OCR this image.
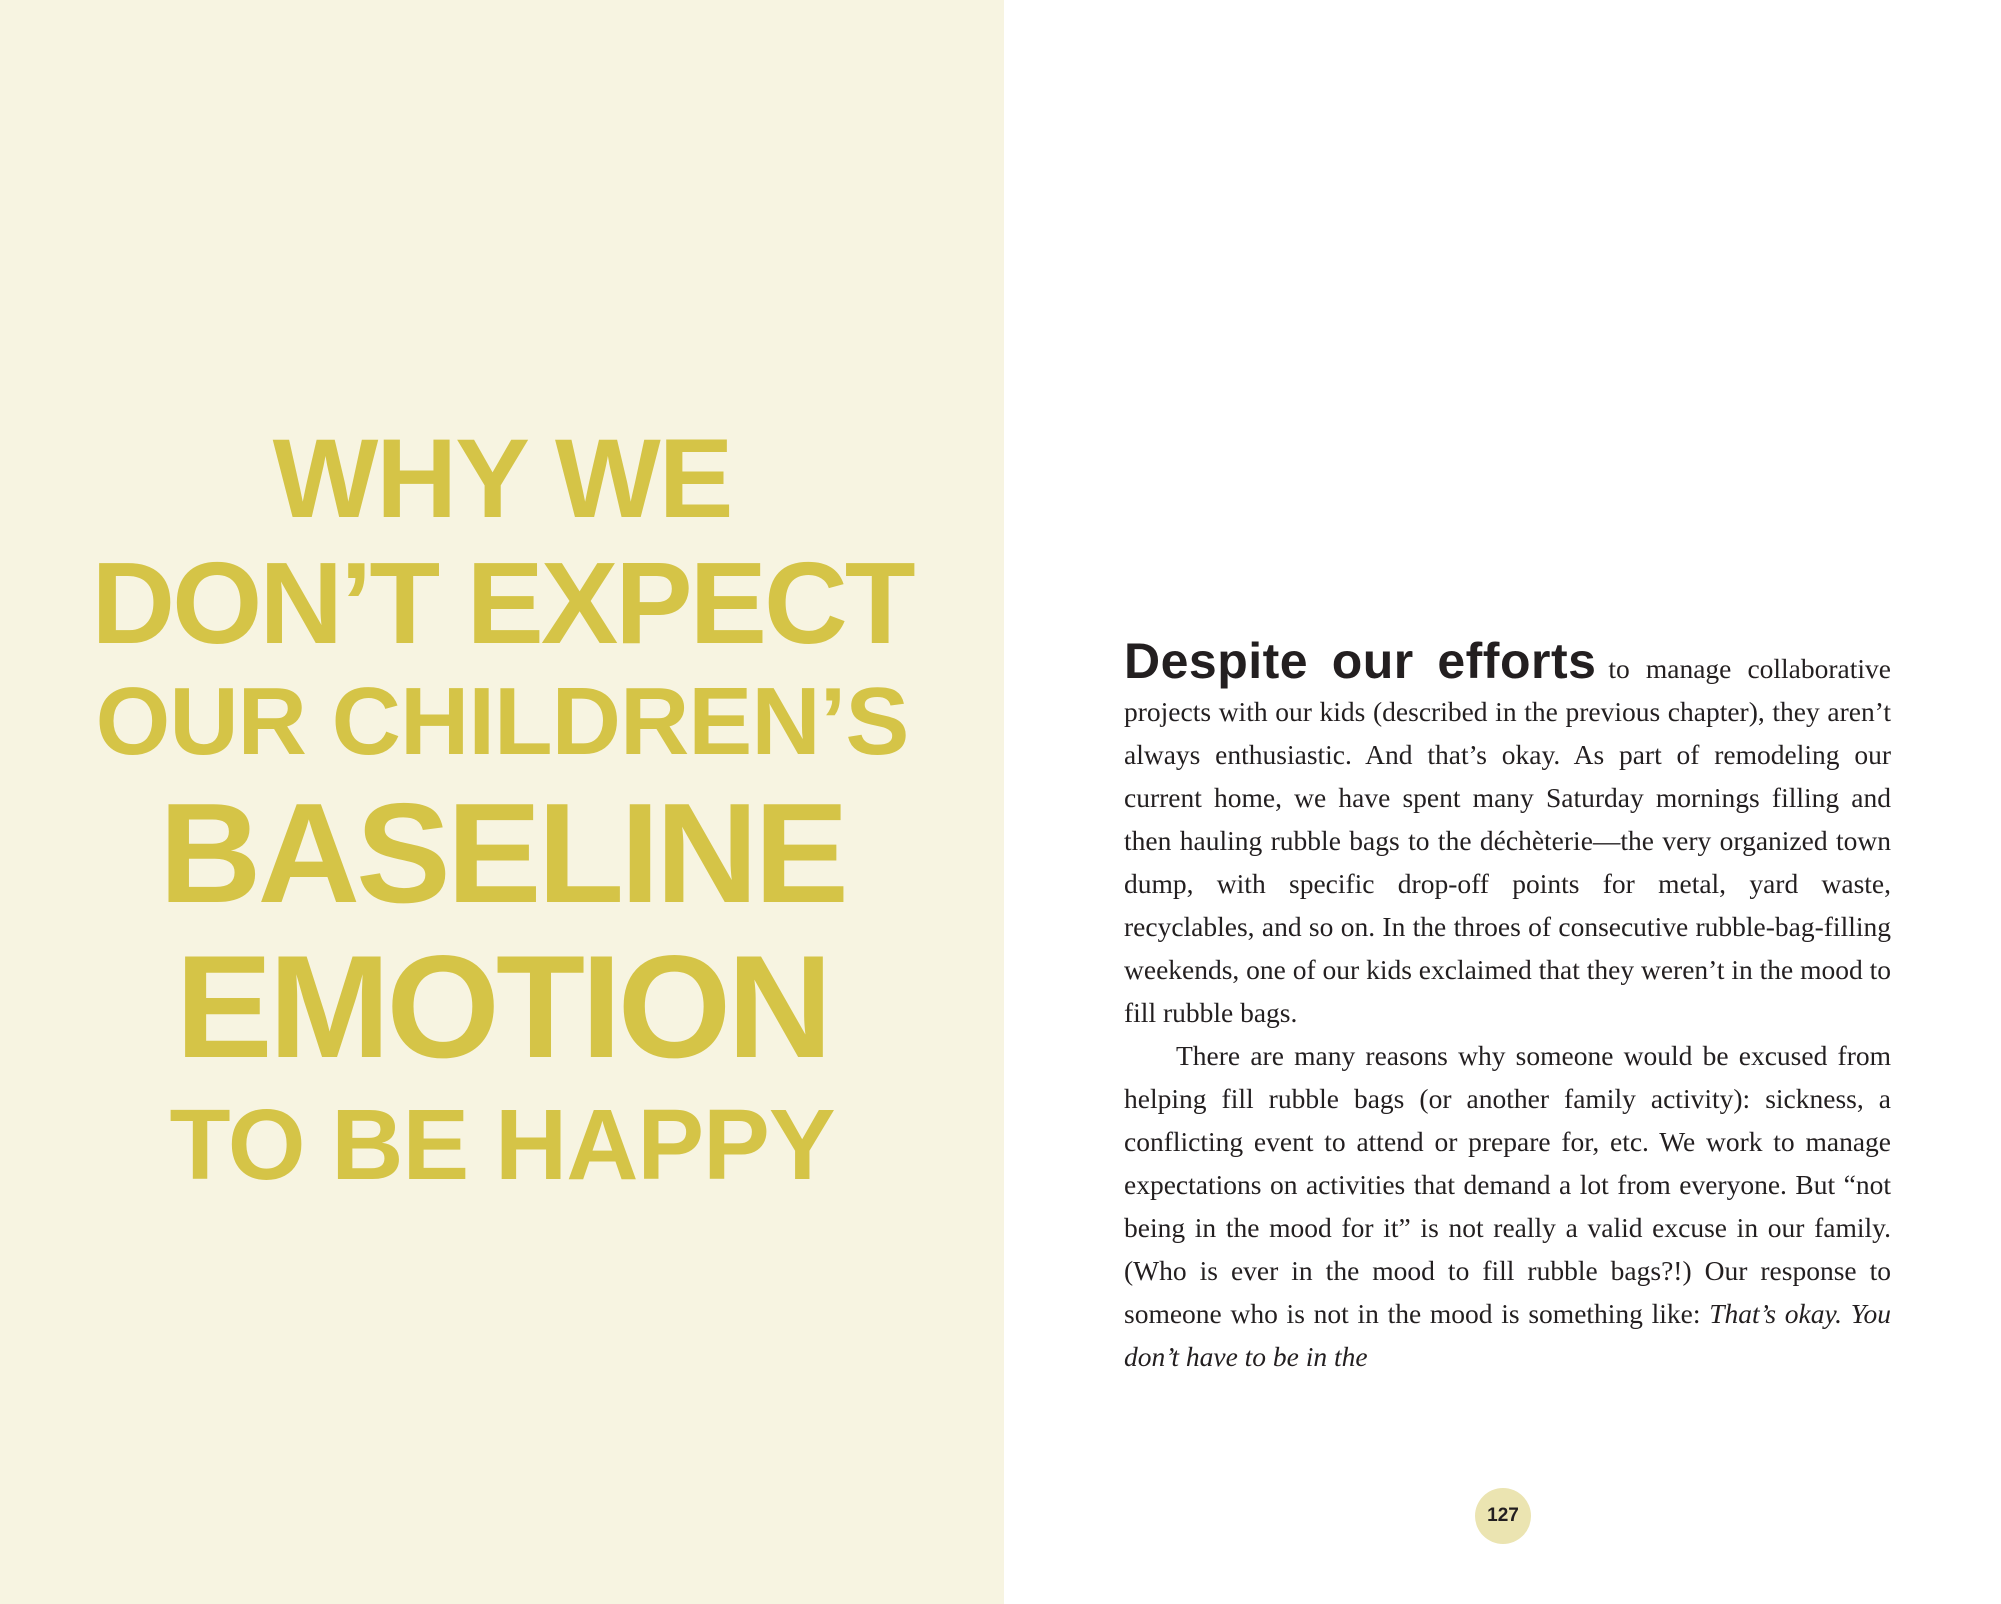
WHY WE
DON’T EXPECT
OUR CHILDREN’S
BASELINE
EMOTION
TO BE HAPPY

Despite our efforts to manage collaborative projects with our kids (described in the previous chapter), they aren’t always enthusiastic. And that’s okay. As part of remodeling our current home, we have spent many Saturday mornings filling and then hauling rubble bags to the déchèterie—the very organized town dump, with specific drop-off points for metal, yard waste, recyclables, and so on. In the throes of consecutive rubble-bag-filling weekends, one of our kids exclaimed that they weren’t in the mood to fill rubble bags.

There are many reasons why someone would be excused from helping fill rubble bags (or another family activity): sickness, a conflicting event to attend or prepare for, etc. We work to manage expectations on activities that demand a lot from everyone. But “not being in the mood for it” is not really a valid excuse in our family. (Who is ever in the mood to fill rubble bags?!) Our response to someone who is not in the mood is something like: That’s okay. You don’t have to be in the

127
